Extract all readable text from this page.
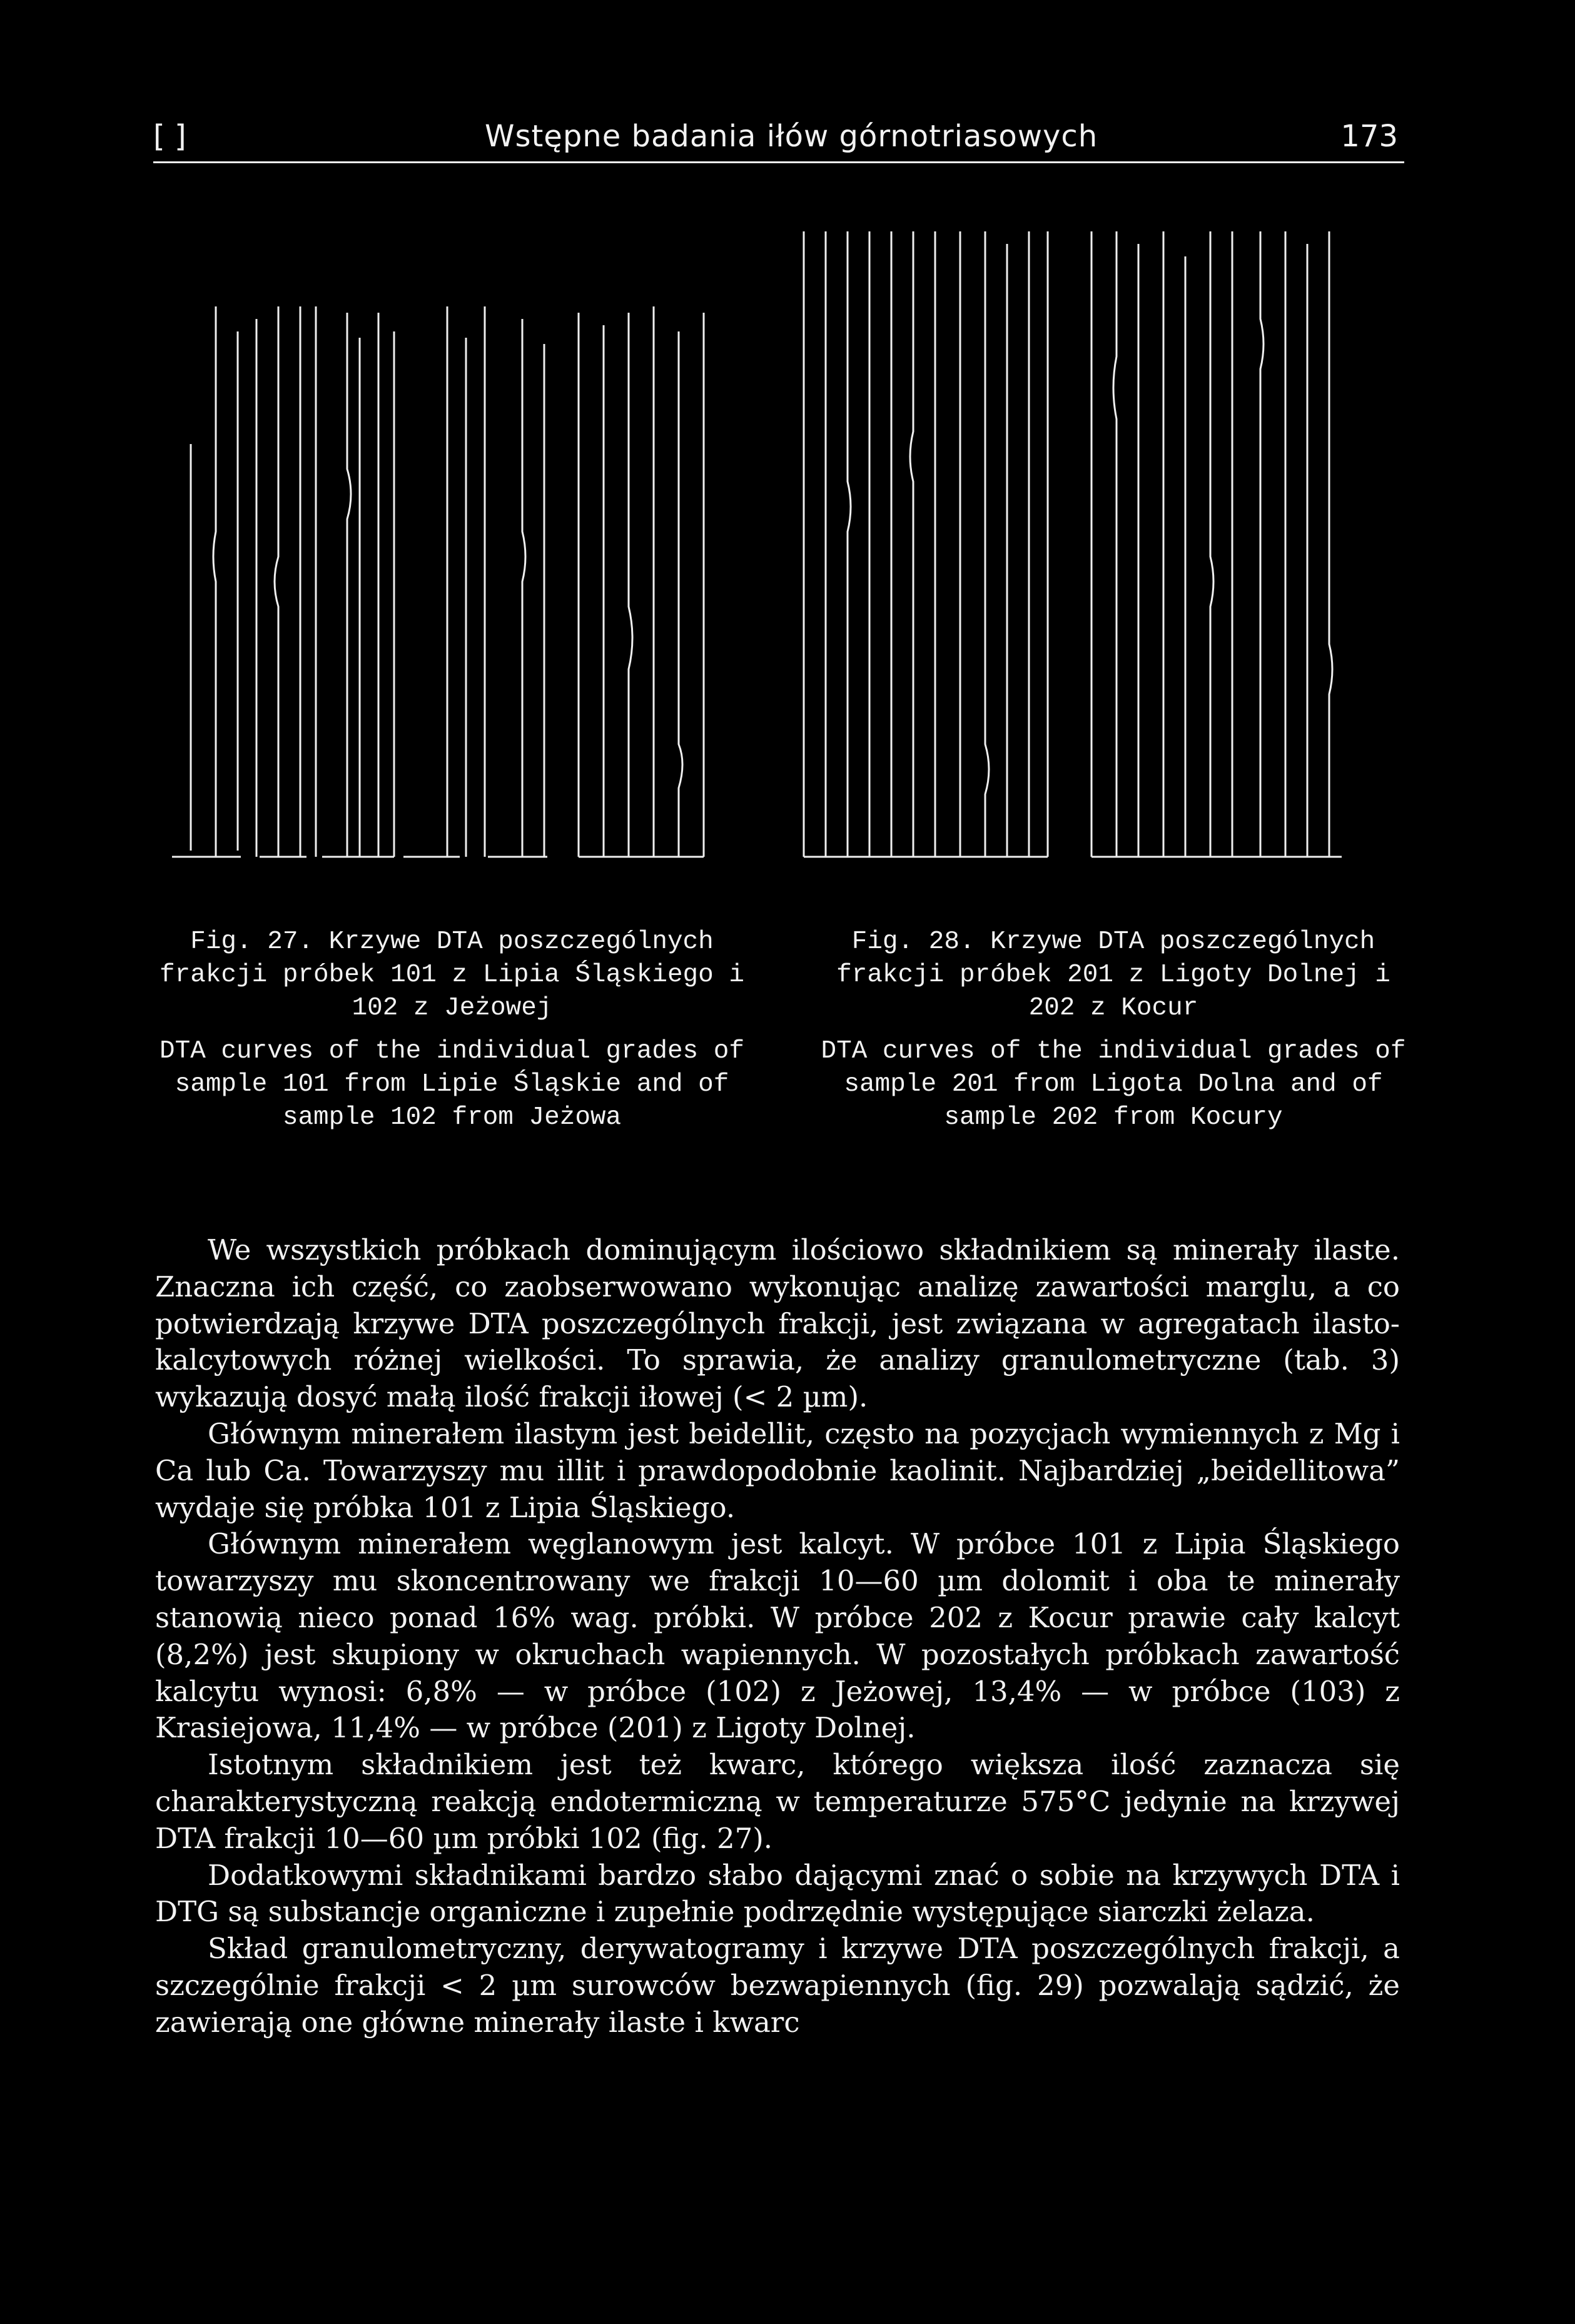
[ ]	Wstępne badania iłów górnotriasowych	173

Fig. 27. Krzywe DTA poszczególnych frakcji próbek 101 z Lipia Śląskiego i 102 z Jeżowej

DTA curves of the individual grades of sample 101 from Lipie Śląskie and of sample 102 from Jeżowa

Fig. 28. Krzywe DTA poszczególnych frakcji próbek 201 z Ligoty Dolnej i 202 z Kocur

DTA curves of the individual grades of sample 201 from Ligota Dolna and of sample 202 from Kocury

We wszystkich próbkach dominującym ilościowo składnikiem są minerały ilaste. Znaczna ich część, co zaobserwowano wykonując analizę zawartości marglu, a co potwierdzają krzywe DTA poszczególnych frakcji, jest związana w agregatach ilasto-kalcytowych różnej wielkości. To sprawia, że analizy granulometryczne (tab. 3) wykazują dosyć małą ilość frakcji iłowej (< 2 µm).

Głównym minerałem ilastym jest beidellit, często na pozycjach wymiennych z Mg i Ca lub Ca. Towarzyszy mu illit i prawdopodobnie kaolinit. Najbardziej „beidellitowa” wydaje się próbka 101 z Lipia Śląskiego.

Głównym minerałem węglanowym jest kalcyt. W próbce 101 z Lipia Śląskiego towarzyszy mu skoncentrowany we frakcji 10—60 µm dolomit i oba te minerały stanowią nieco ponad 16% wag. próbki. W próbce 202 z Kocur prawie cały kalcyt (8,2%) jest skupiony w okruchach wapiennych. W pozostałych próbkach zawartość kalcytu wynosi: 6,8% — w próbce (102) z Jeżowej, 13,4% — w próbce (103) z Krasiejowa, 11,4% — w próbce (201) z Ligoty Dolnej.

Istotnym składnikiem jest też kwarc, którego większa ilość zaznacza się charakterystyczną reakcją endotermiczną w temperaturze 575°C jedynie na krzywej DTA frakcji 10—60 µm próbki 102 (fig. 27).

Dodatkowymi składnikami bardzo słabo dającymi znać o sobie na krzywych DTA i DTG są substancje organiczne i zupełnie podrzędnie występujące siarczki żelaza.

Skład granulometryczny, derywatogramy i krzywe DTA poszczególnych frakcji, a szczególnie frakcji < 2 µm surowców bezwapiennych (fig. 29) pozwalają sądzić, że zawierają one główne minerały ilaste i kwarc
